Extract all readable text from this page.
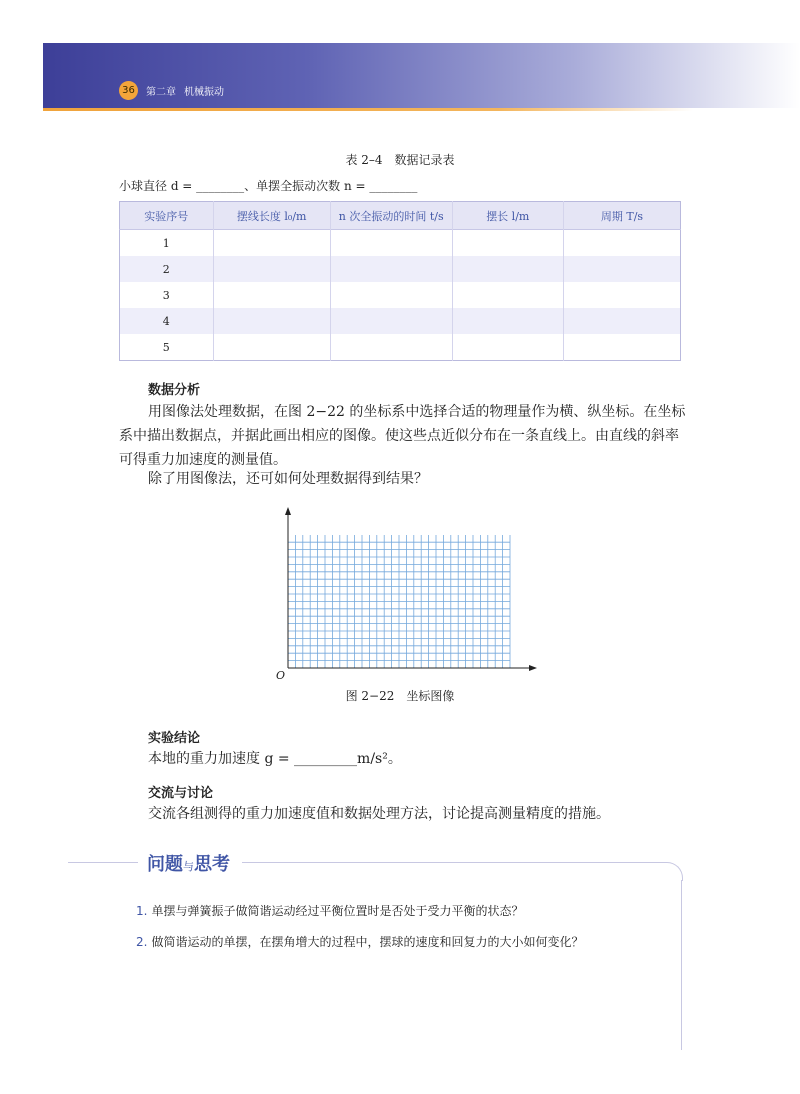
36	第二章 机械振动
表 2–4　数据记录表
小球直径 d = ________、单摆全振动次数 n = ________
实验序号	摆线长度 l₀/m	n 次全振动的时间 t/s	摆长 l/m	周期 T/s
1				
2				
3				
4				
5				
数据分析
用图像法处理数据，在图 2−22 的坐标系中选择合适的物理量作为横、纵坐标。在坐标系中描出数据点，并据此画出相应的图像。使这些点近似分布在一条直线上。由直线的斜率可得重力加速度的测量值。
除了用图像法，还可如何处理数据得到结果？
O
图 2−22　坐标图像
实验结论
本地的重力加速度 g = _________m/s²。
交流与讨论
交流各组测得的重力加速度值和数据处理方法，讨论提高测量精度的措施。
问题与思考
1. 单摆与弹簧振子做简谐运动经过平衡位置时是否处于受力平衡的状态？
2. 做简谐运动的单摆，在摆角增大的过程中，摆球的速度和回复力的大小如何变化？
